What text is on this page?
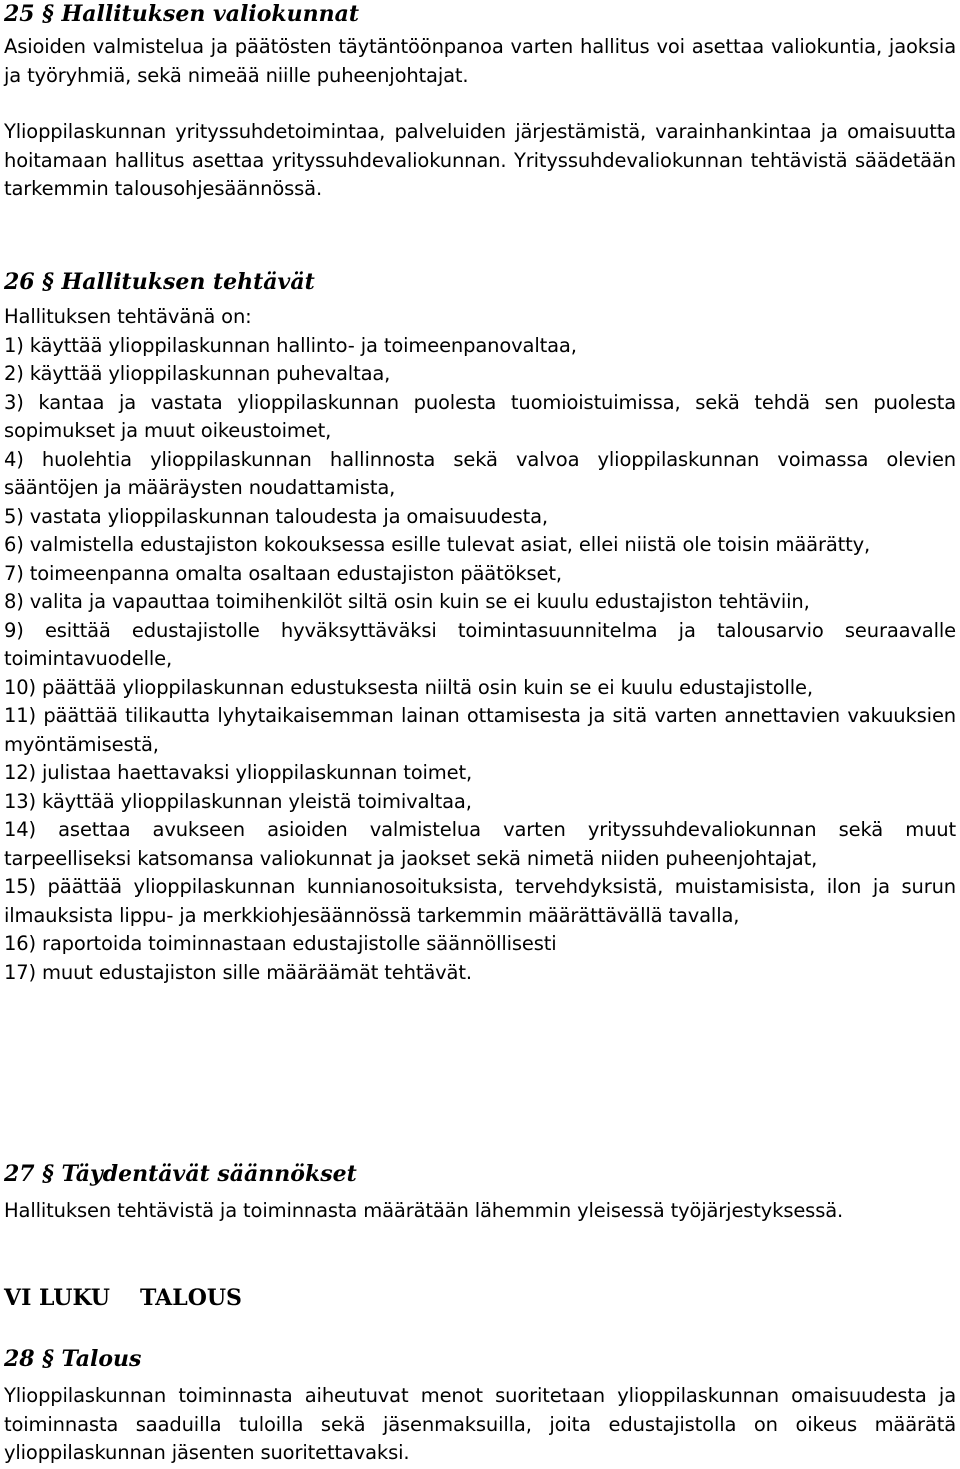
25 § Hallituksen valiokunnat

Asioiden valmistelua ja päätösten täytäntöönpanoa varten hallitus voi asettaa valiokuntia, jaoksia ja työryhmiä, sekä nimeää niille puheenjohtajat.

Ylioppilaskunnan yrityssuhdetoimintaa, palveluiden järjestämistä, varainhankintaa ja omaisuutta hoitamaan hallitus asettaa yrityssuhdevaliokunnan. Yrityssuhdevaliokunnan tehtävistä säädetään tarkemmin talousohjesäännössä.

26 § Hallituksen tehtävät

Hallituksen tehtävänä on:

1) käyttää ylioppilaskunnan hallinto- ja toimeenpanovaltaa,

2) käyttää ylioppilaskunnan puhevaltaa,

3) kantaa ja vastata ylioppilaskunnan puolesta tuomioistuimissa, sekä tehdä sen puolesta sopimukset ja muut oikeustoimet,

4) huolehtia ylioppilaskunnan hallinnosta sekä valvoa ylioppilaskunnan voimassa olevien sääntöjen ja määräysten noudattamista,

5) vastata ylioppilaskunnan taloudesta ja omaisuudesta,

6) valmistella edustajiston kokouksessa esille tulevat asiat, ellei niistä ole toisin määrätty,

7) toimeenpanna omalta osaltaan edustajiston päätökset,

8) valita ja vapauttaa toimihenkilöt siltä osin kuin se ei kuulu edustajiston tehtäviin,

9) esittää edustajistolle hyväksyttäväksi toimintasuunnitelma ja talousarvio seuraavalle toimintavuodelle,

10) päättää ylioppilaskunnan edustuksesta niiltä osin kuin se ei kuulu edustajistolle,

11) päättää tilikautta lyhytaikaisemman lainan ottamisesta ja sitä varten annettavien vakuuksien myöntämisestä,

12) julistaa haettavaksi ylioppilaskunnan toimet,

13) käyttää ylioppilaskunnan yleistä toimivaltaa,

14) asettaa avukseen asioiden valmistelua varten yrityssuhdevaliokunnan sekä muut tarpeelliseksi katsomansa valiokunnat ja jaokset sekä nimetä niiden puheenjohtajat,

15) päättää ylioppilaskunnan kunnianosoituksista, tervehdyksistä, muistamisista, ilon ja surun ilmauksista lippu- ja merkkiohjesäännössä tarkemmin määrättävällä tavalla,

16) raportoida toiminnastaan edustajistolle säännöllisesti

17) muut edustajiston sille määräämät tehtävät.

27 § Täydentävät säännökset

Hallituksen tehtävistä ja toiminnasta määrätään lähemmin yleisessä työjärjestyksessä.

VI LUKU TALOUS
28 § Talous

Ylioppilaskunnan toiminnasta aiheutuvat menot suoritetaan ylioppilaskunnan omaisuudesta ja toiminnasta saaduilla tuloilla sekä jäsenmaksuilla, joita edustajistolla on oikeus määrätä ylioppilaskunnan jäsenten suoritettavaksi.
